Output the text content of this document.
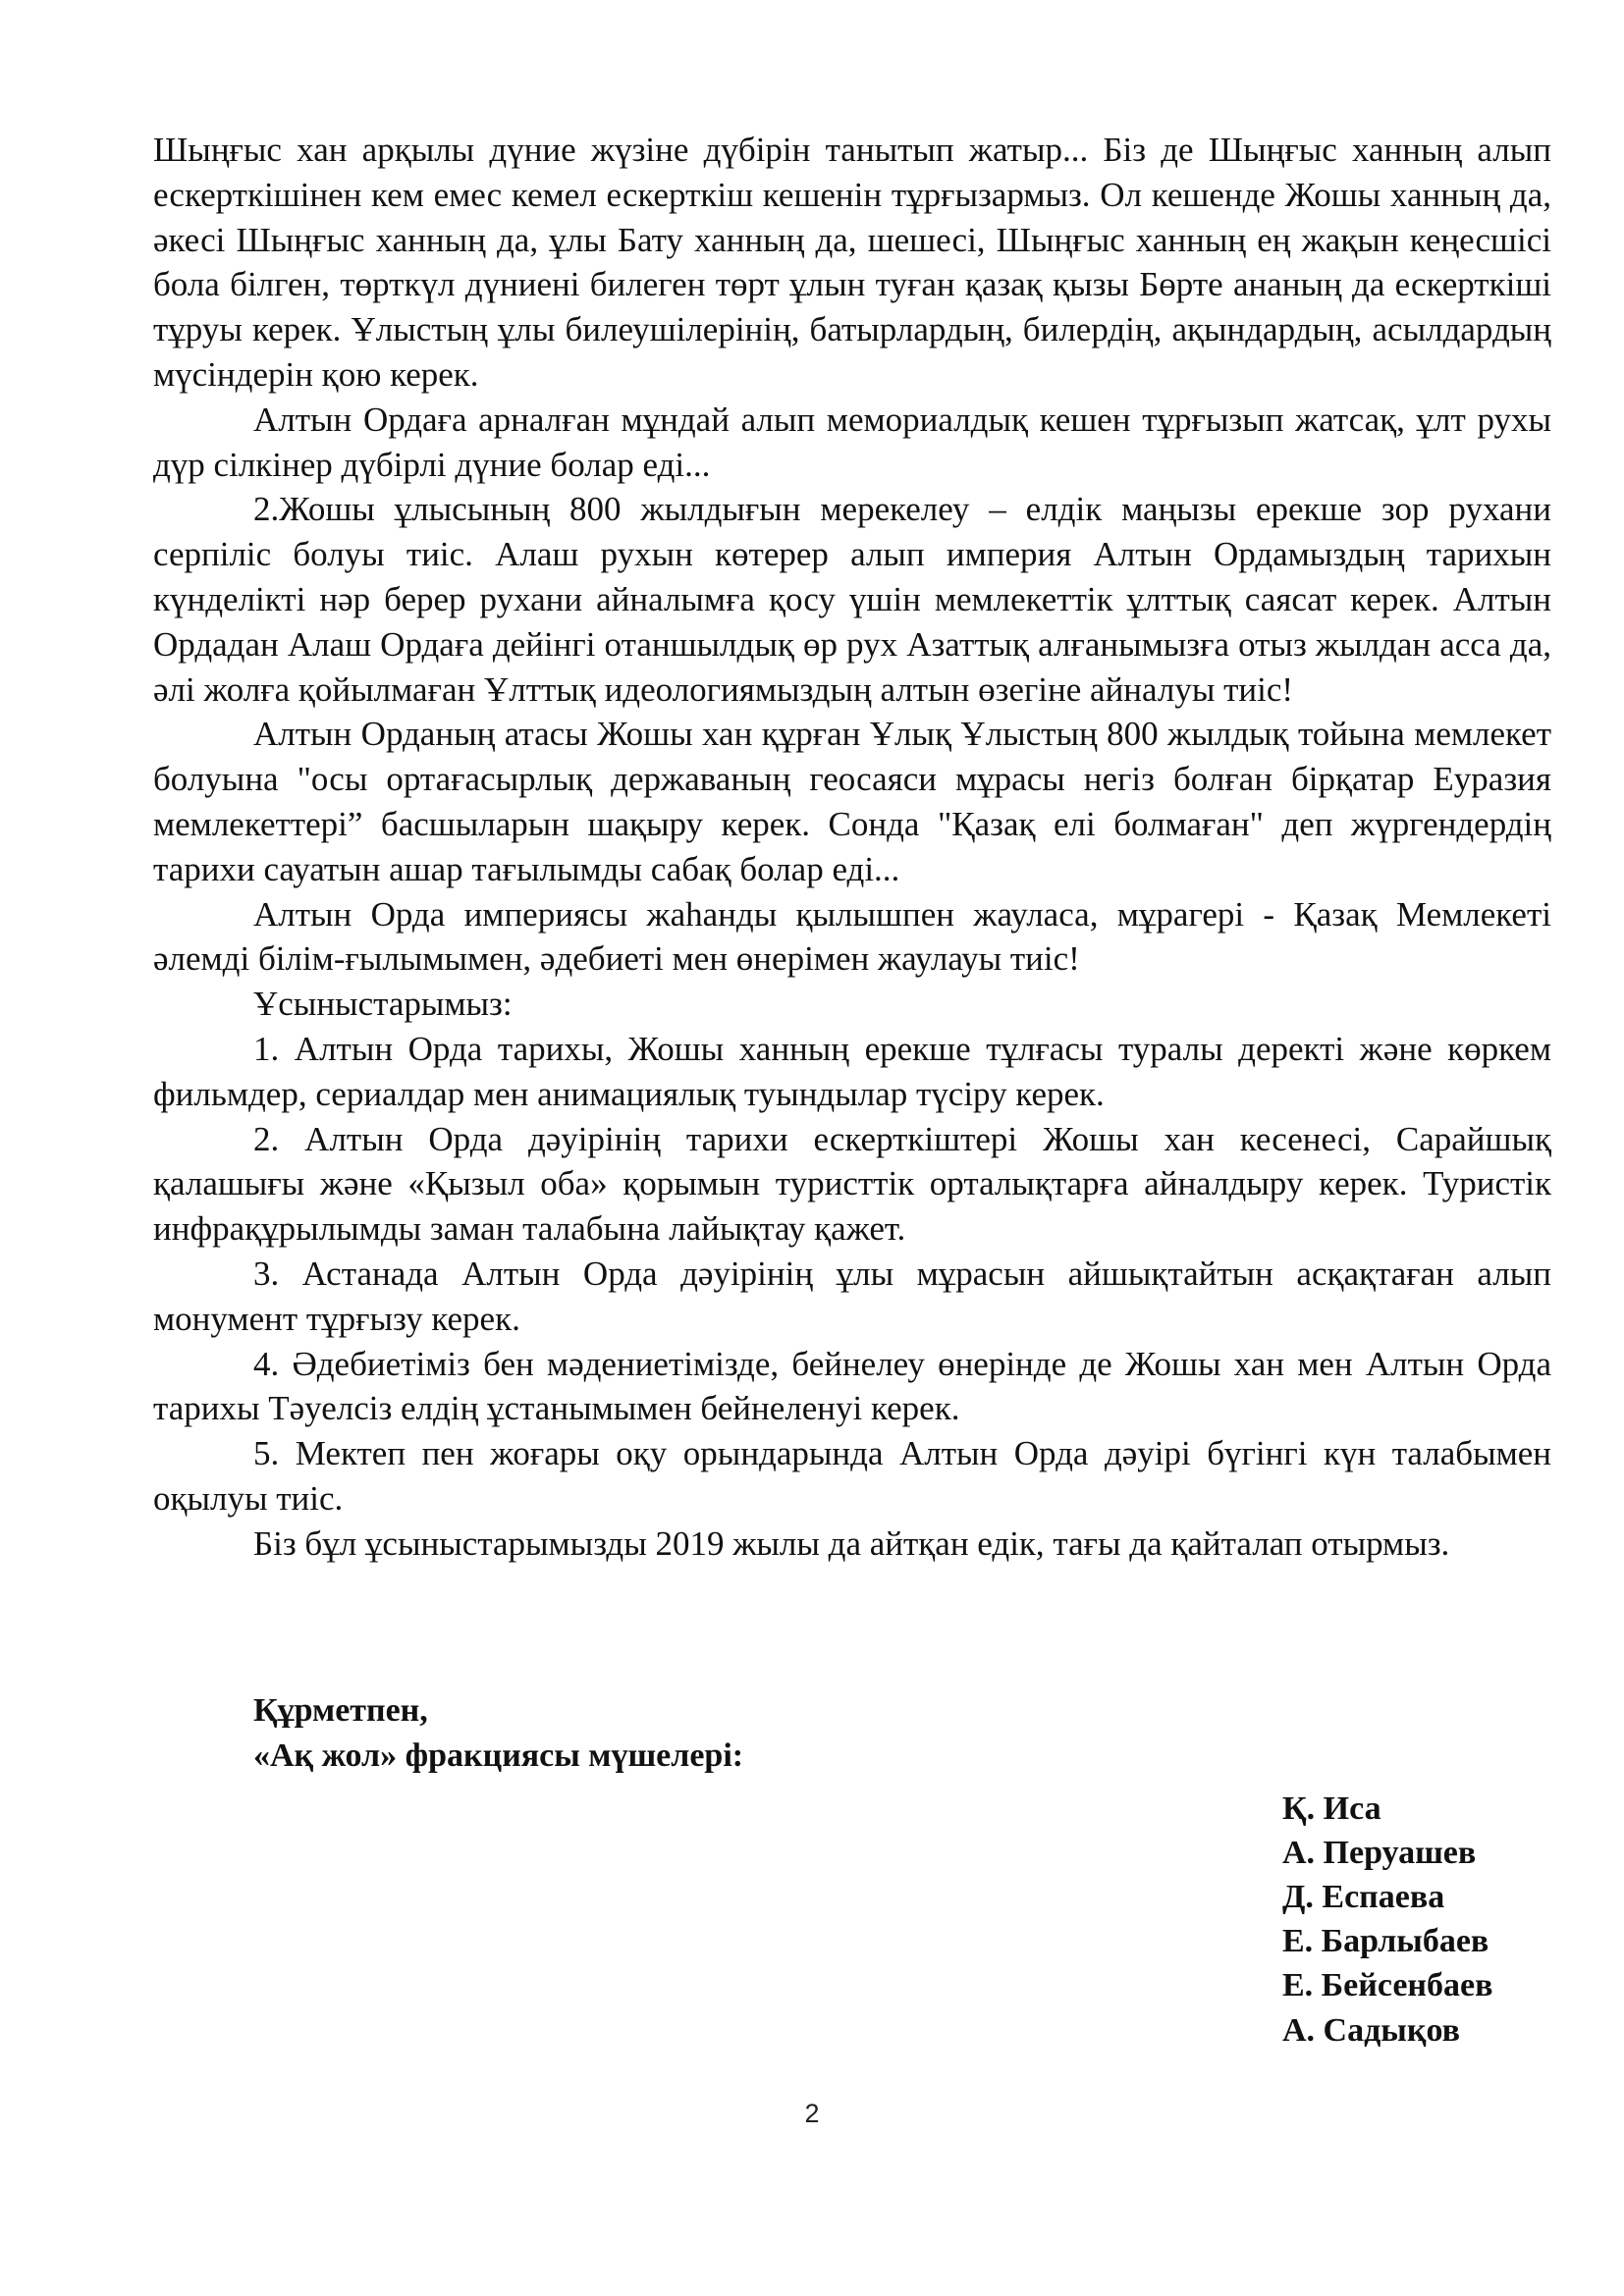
Шыңғыс хан арқылы дүние жүзіне дүбірін танытып жатыр... Біз де Шыңғыс ханның алып ескерткішінен кем емес кемел ескерткіш кешенін тұрғызармыз. Ол кешенде Жошы ханның да, әкесі Шыңғыс ханның да, ұлы Бату ханның да, шешесі, Шыңғыс ханның ең жақын кеңесшісі бола білген, төрткүл дүниені билеген төрт ұлын туған қазақ қызы Бөрте ананың да ескерткіші тұруы керек. Ұлыстың ұлы билеушілерінің, батырлардың, билердің, ақындардың, асылдардың мүсіндерін қою керек.

Алтын Ордаға арналған мұндай алып мемориалдық кешен тұрғызып жатсақ, ұлт рухы дүр сілкінер дүбірлі дүние болар еді...

2.Жошы ұлысының 800 жылдығын мерекелеу – елдік маңызы ерекше зор рухани серпіліс болуы тиіс. Алаш рухын көтерер алып империя Алтын Ордамыздың тарихын күнделікті нәр берер рухани айналымға қосу үшін мемлекеттік ұлттық саясат керек. Алтын Ордадан Алаш Ордаға дейінгі отаншылдық өр рух Азаттық алғанымызға отыз жылдан асса да, әлі жолға қойылмаған Ұлттық идеологиямыздың алтын өзегіне айналуы тиіс!

Алтын Орданың атасы Жошы хан құрған Ұлық Ұлыстың 800 жылдық тойына мемлекет болуына "осы ортағасырлық державаның геосаяси мұрасы негіз болған бірқатар Еуразия мемлекеттері” басшыларын шақыру керек. Сонда "Қазақ елі болмаған" деп жүргендердің тарихи сауатын ашар тағылымды сабақ болар еді...

Алтын Орда империясы жаһанды қылышпен жауласа, мұрагері - Қазақ Мемлекеті әлемді білім-ғылымымен, әдебиеті мен өнерімен жаулауы тиіс!

Ұсыныстарымыз:

1. Алтын Орда тарихы, Жошы ханның ерекше тұлғасы туралы деректі және көркем фильмдер, сериалдар мен анимациялық туындылар түсіру керек.

2. Алтын Орда дәуірінің тарихи ескерткіштері Жошы хан кесенесі, Сарайшық қалашығы және «Қызыл оба» қорымын туристтік орталықтарға айналдыру керек. Туристік инфрақұрылымды заман талабына лайықтау қажет.

3. Астанада Алтын Орда дәуірінің ұлы мұрасын айшықтайтын асқақтаған алып монумент тұрғызу керек.

4. Әдебиетіміз бен мәдениетімізде, бейнелеу өнерінде де Жошы хан мен Алтын Орда тарихы Тәуелсіз елдің ұстанымымен бейнеленуі керек.

5. Мектеп пен жоғары оқу орындарында Алтын Орда дәуірі бүгінгі күн талабымен оқылуы тиіс.

Біз бұл ұсыныстарымызды 2019 жылы да айтқан едік, тағы да қайталап отырмыз.

Құрметпен,
«Ақ жол» фракциясы мүшелері:
Қ. Иса
А. Перуашев
Д. Еспаева
Е. Барлыбаев
Е. Бейсенбаев
А. Садықов
2
